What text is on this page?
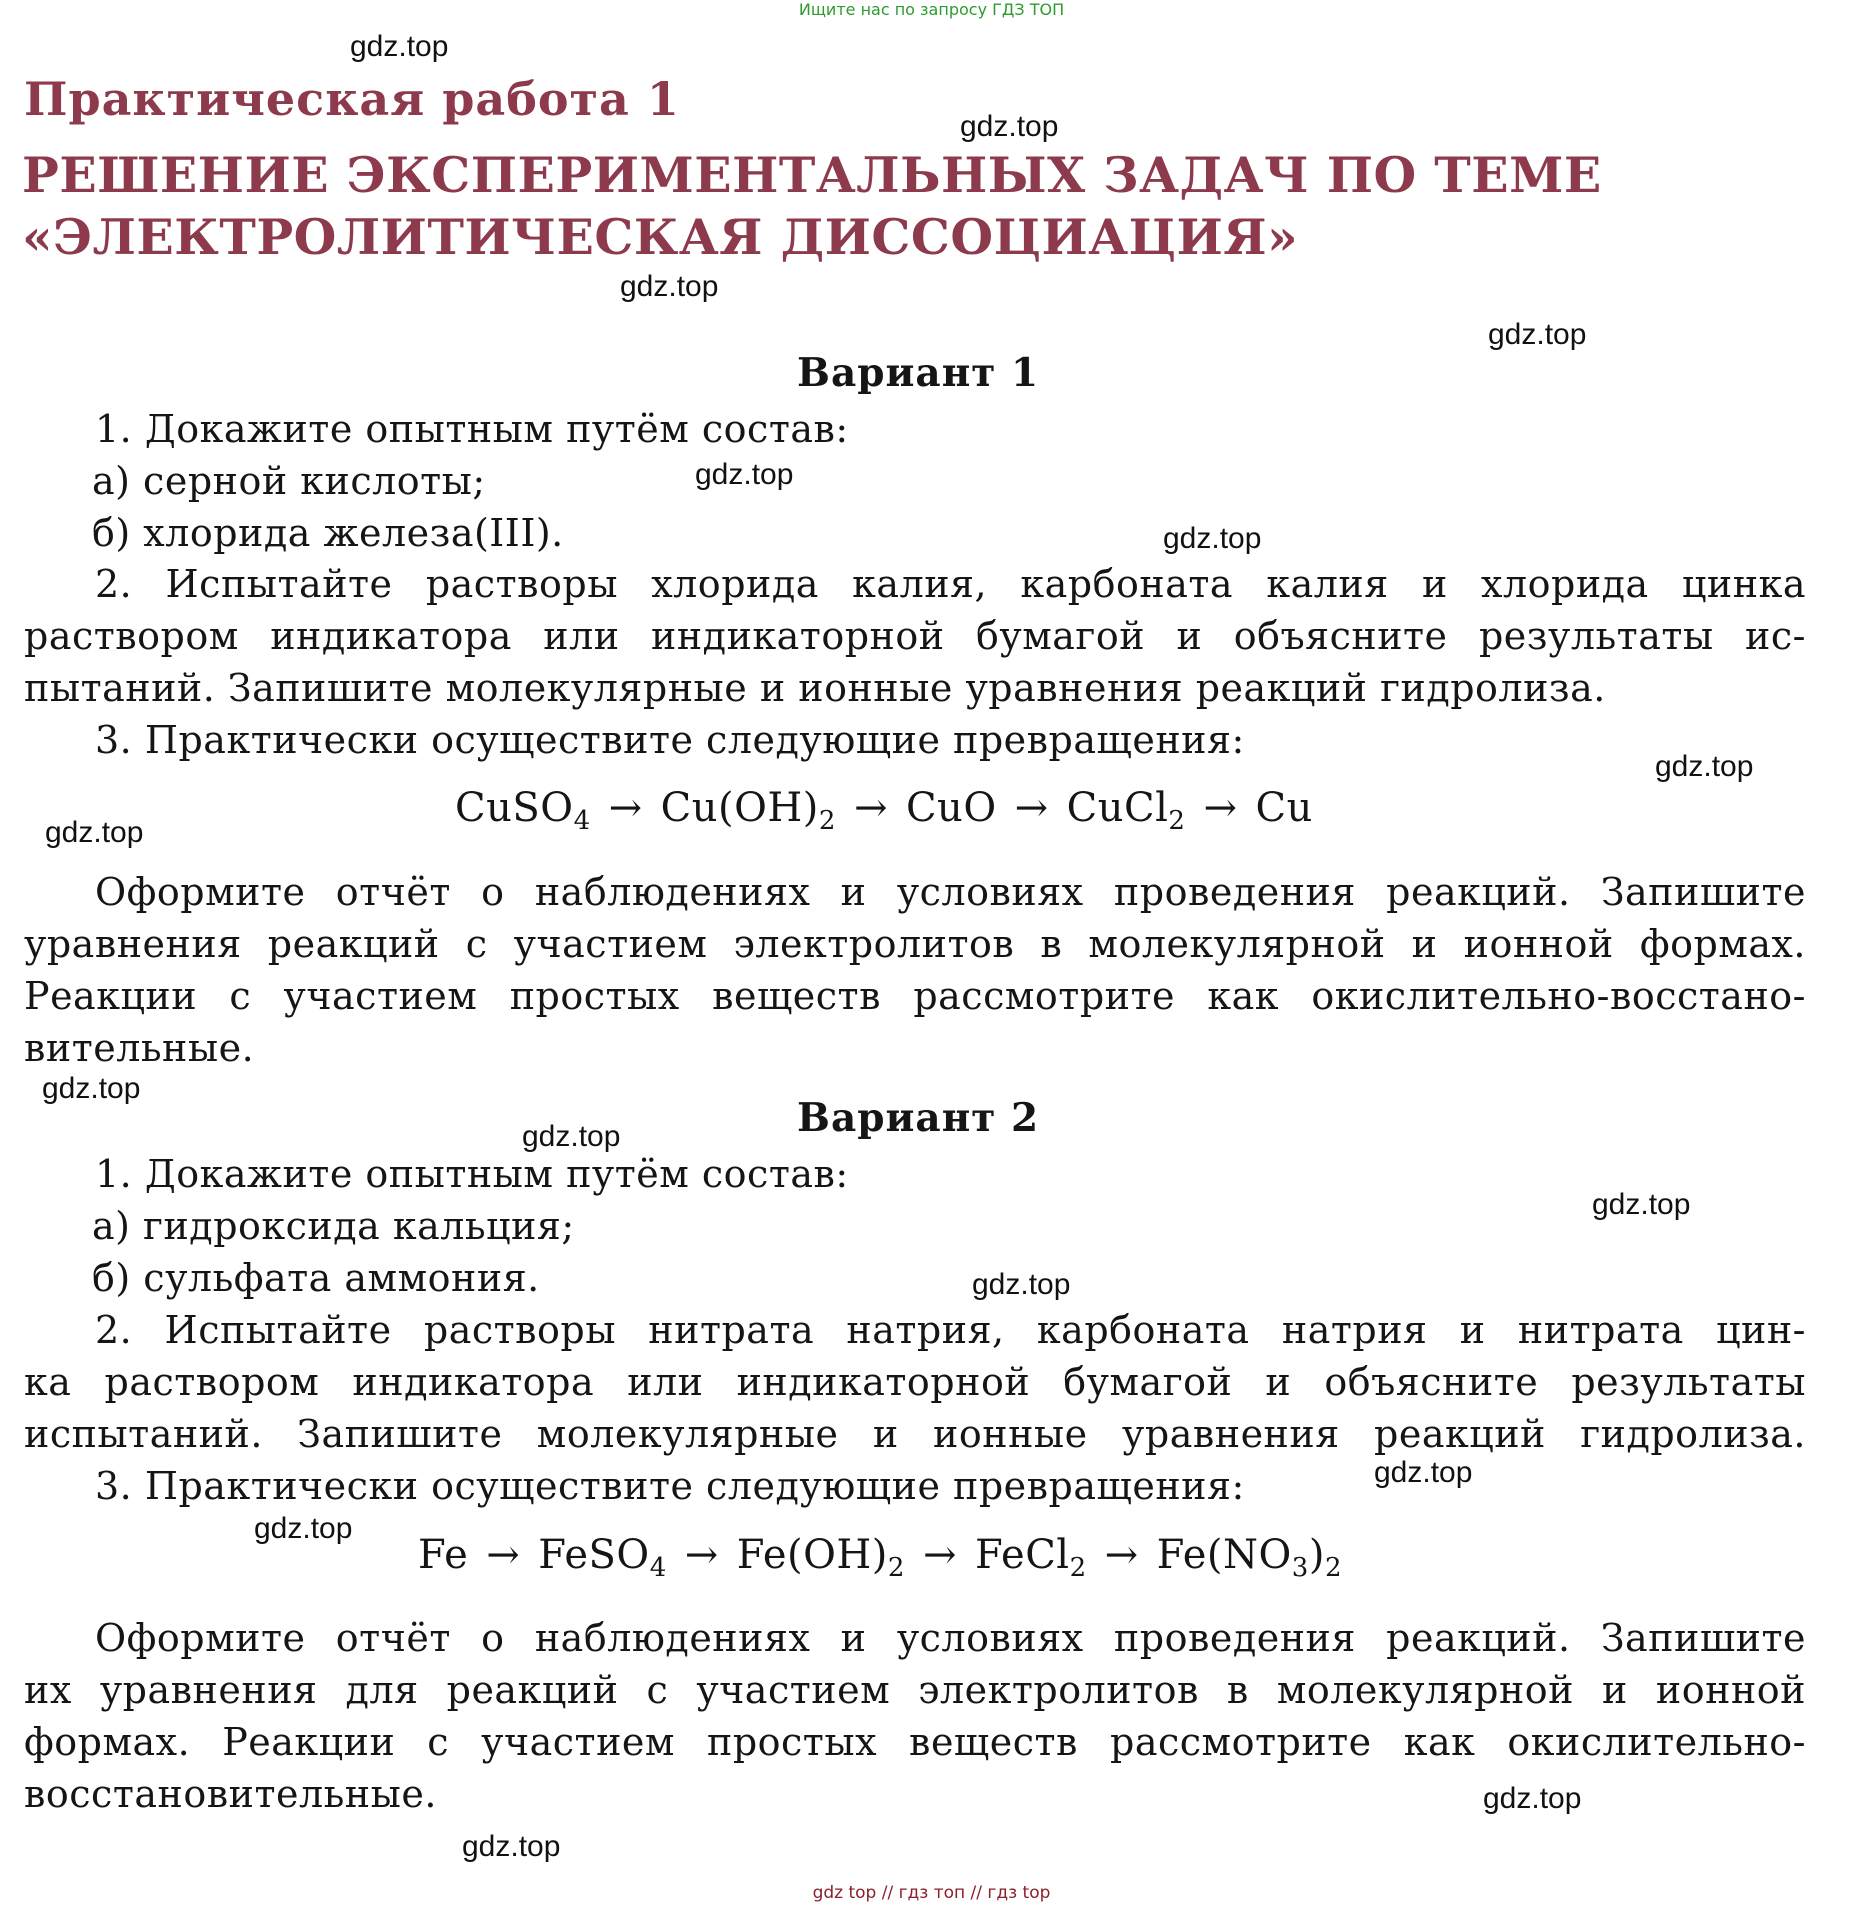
Ищите нас по запросу ГДЗ ТОП
Практическая работа 1
РЕШЕНИЕ ЭКСПЕРИМЕНТАЛЬНЫХ ЗАДАЧ ПО ТЕМЕ
«ЭЛЕКТРОЛИТИЧЕСКАЯ ДИССОЦИАЦИЯ»
Вариант 1
1. Докажите опытным путём состав:
а) серной кислоты;
б) хлорида железа(III).
2. Испытайте растворы хлорида калия, карбоната калия и хлорида цинка
раствором индикатора или индикаторной бумагой и объясните результаты ис-
пытаний. Запишите молекулярные и ионные уравнения реакций гидролиза.
3. Практически осуществите следующие превращения:
CuSO$_4$ → $Cu(OH)_2$ → CuO → CuCl$_2$ → Cu
Оформите отчёт о наблюдениях и условиях проведения реакций. Запишите
уравнения реакций с участием электролитов в молекулярной и ионной формах.
Реакции с участием простых веществ рассмотрите как окислительно-восстано-
вительные.
Вариант 2
1. Докажите опытным путём состав:
а) гидроксида кальция;
б) сульфата аммония.
2. Испытайте растворы нитрата натрия, карбоната натрия и нитрата цин-
ка раствором индикатора или индикаторной бумагой и объясните результаты
испытаний. Запишите молекулярные и ионные уравнения реакций гидролиза.
3. Практически осуществите следующие превращения:
Fe → FeSO$_4$ → $Fe(OH)_2$ → FeCl$_2$ → $Fe(NO_3)_2$
Оформите отчёт о наблюдениях и условиях проведения реакций. Запишите
их уравнения для реакций с участием электролитов в молекулярной и ионной
формах. Реакции с участием простых веществ рассмотрите как окислительно-
восстановительные.
gdz.top
gdz.top
gdz.top
gdz.top
gdz.top
gdz.top
gdz.top
gdz.top
gdz.top
gdz.top
gdz.top
gdz.top
gdz.top
gdz.top
gdz.top
gdz.top
gdz top // гдз топ // гдз top
